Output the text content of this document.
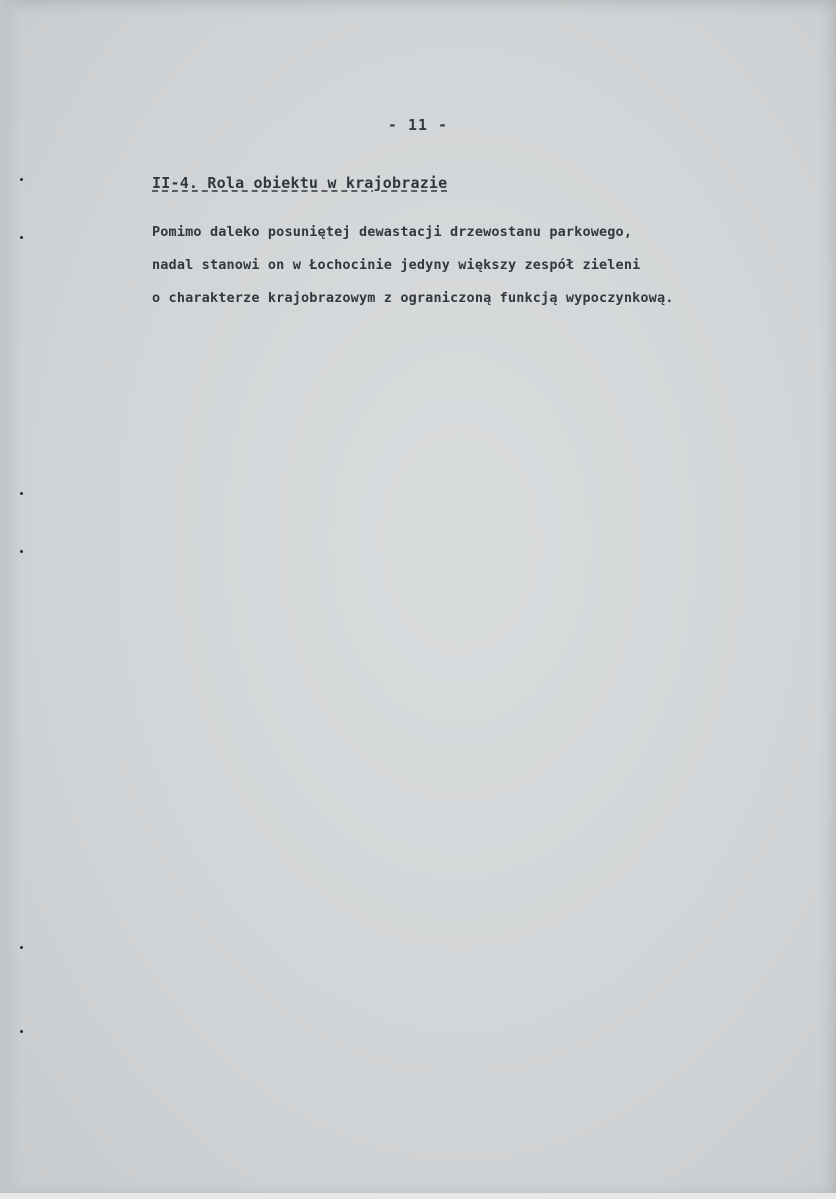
- 11 -
II-4. Rola obiektu w krajobrazie
Pomimo daleko posuniętej dewastacji drzewostanu parkowego,
nadal stanowi on w Łochocinie jedyny większy zespół zieleni
o charakterze krajobrazowym z ograniczoną funkcją wypoczynkową.
